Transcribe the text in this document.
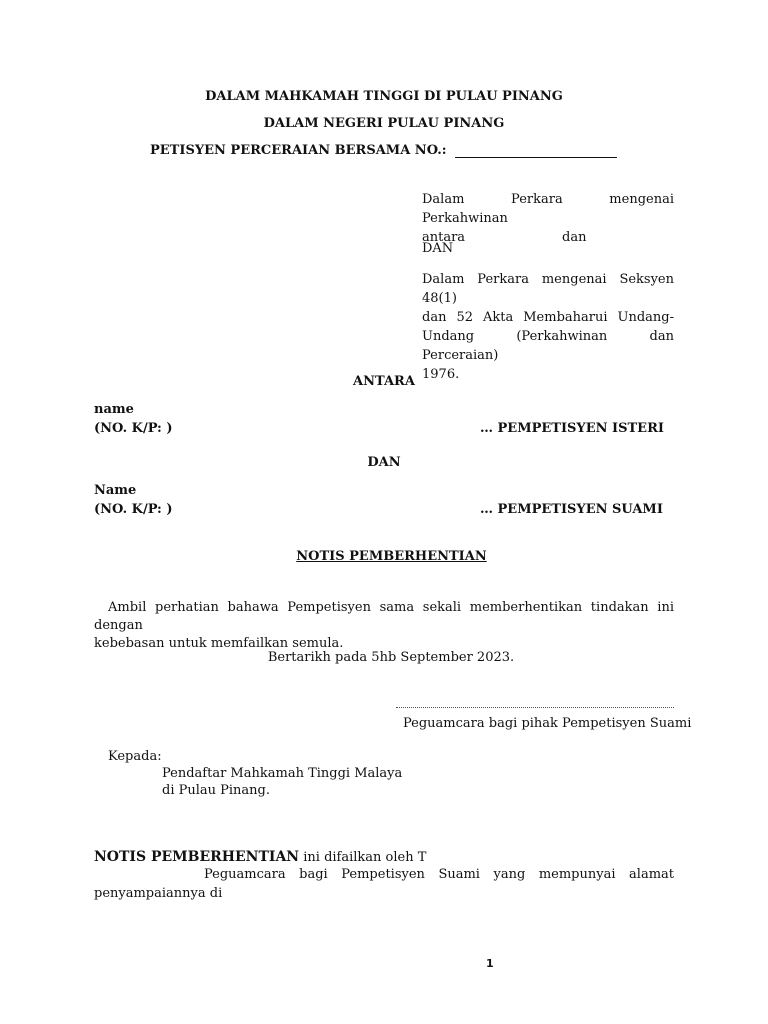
DALAM MAHKAMAH TINGGI DI PULAU PINANG
DALAM NEGERI PULAU PINANG
PETISYEN PERCERAIAN BERSAMA NO.:

Dalam Perkara mengenai Perkahwinan

antara	dan
DAN

Dalam Perkara mengenai Seksyen 48(1)

dan 52 Akta Membaharui Undang-

Undang (Perkahwinan dan Perceraian)

1976.

ANTARA
name
(NO. K/P: )	… PEMPETISYEN ISTERI
DAN
Name
(NO. K/P: )	… PEMPETISYEN SUAMI
NOTIS PEMBERHENTIAN
Ambil perhatian bahawa Pempetisyen sama sekali memberhentikan tindakan ini dengan
kebebasan untuk memfailkan semula.
Bertarikh pada 5hb September 2023.
Peguamcara bagi pihak Pempetisyen Suami
Kepada:
Pendaftar Mahkamah Tinggi Malaya
di Pulau Pinang.
NOTIS PEMBERHENTIAN ini difailkan oleh T
Peguamcara bagi Pempetisyen Suami yang mempunyai alamat
penyampaiannya di
1
